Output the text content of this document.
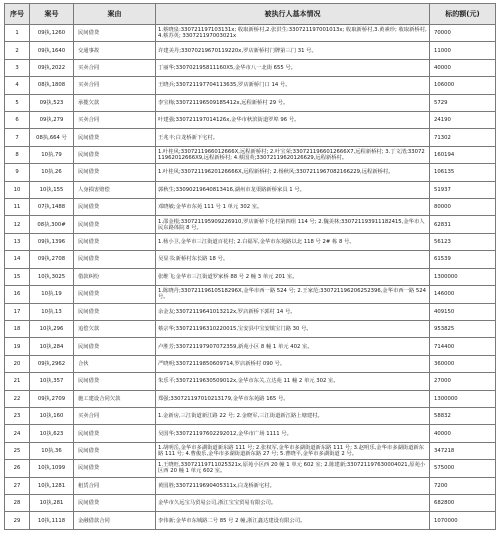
序号	案号	案由	被执行人基本情况	标的额(元)
1	09执,1260	民间借贷	1.蔡晓泉:330721197103131x; 收取新桥村,2.张洪生:330721197001013x; 收取新桥村,3.黄素珍; 收取新桥村,4.蔡苏英; 330721197003021x	70000
2	09执,1640	交通事故	许建美丹;33070219670119220x,罗店新桥村门牌第三门 31 号。	11000
3	09执,2022	买卖合同	丁丽华;330702195811160X5,金华市八一北街 655 号。	40000
4	08执,1808	买卖合同	王晓兵;330721197704113635,罗店新桥门口 14 号。	106000
5	09执,523	承揽欠款	李宝梅;330721196509185412x,远程新桥村 29 号。	5729
6	09执,279	买卖合同	叶建强;330721197014126x,金华市秋滨街道罗埠 96 号。	24190
7	08执,664 号	民间借贷	王兆丰;白龙桥新下宅村。	71302
8	10执,79	民间借贷	1.叶桂风;3307211966012666X,远程新桥村; 2.叶宝荣;3307211966012666X7,远程新桥村; 3.丁文清;3307211962012666X9,远程新桥村; 4.蔡国英;33072119620126629,远程新桥村。	160194
9	10执,26	民间借贷	1.叶桂风;33072119620126666X,远程新桥村; 2.杨秋风;3307211967082166229,远程新桥村。	106135
10	10执,155	人身损害赔偿	郭秋生;33090219640813416,湖州市龙渠路新桥家具 1 号。	51937
11	07执,1488	民间借贷	邓晓敏;金华市东苑 111 号 1 单元 302 室。	80000
12	08执,300#	民间借贷	1.邵金根;330721195909226910,罗店新桥下化村第四组 114 号; 2.魏美林;330721193911182415,金华市人民东路体院 8 号。	62831
13	09执,1396	民间借贷	1.杨小卫,金华市三江街道百花村; 2.白福军,金华市东苑路以北 118 号 2# 栋 8 号。	56123
14	09执,2708	民间借贷	吴显书;新桥村东长路 18 号。	61539
15	10执,3025	借款纠纷	张维飞;金华市三江街道罗家桥 88 号 2 幢 3 单元 201 室。	1300000
16	10执,19	民间借贷	1.陈晓丹;33072119610518296X,金华市西一路 524 号; 2.王家范;330721196206252396,金华市西一路 524 号。	146000
17	10执,13	民间借贷	余金友;33072119641013212x,罗店新桥下郭村 14 号。	409150
18	10执,296	追偿欠款	蔡宗华;330721196310220015,宝安县中宝安镇宝门路 30 号。	953825
19	10执,284	民间借贷	卢胜芳;330721197907072359,新苑小区 8 幢 1 单元 402 室。	714400
20	09执,2962	合伙	严晓明;33072119850609714,罗店新桥村 090 号。	360000
21	10执,357	民间借贷	朱乐平;33072119630509012x,金华市东关,立达苑 11 幢 2 单元 302 室。	27000
22	09执,2709	施工建设合同欠款	郑强;330721197010213179,金华市东苑路 165 号。	1300000
23	10执,160	买卖合同	1.金新房,三江街道新江路 22 号; 2.金晓军,三江街道新江路上塘建村。	58832
24	10执,623	民间借贷	吴国华;330721197602292012,金华市广场 1111 号。	40000
25	10执,36	民间借贷	1.胡明岳,金华市多湖街道新东路 111 号; 2.张权军,金华市多湖街道新东路 111 号; 3.赵明乐,金华市多湖街道新东路 111 号; 4.曹俊乐,金华市多湖街道新东路 27 号; 5.曹晓平,金华市多湖街道 2 号。	347218
26	10执,1099	民间借贷	1.王晓旺,33072119711025321x,原苑小区西 20 幢 1 单元 602 室; 2.陈建新;330721197630004021,原苑小区西 20 幢 1 单元 602 室。	575000
27	10执,1281	租赁合同	黄国胜;33072119690405311x,白龙桥新宅村。	7200
28	10执,281	民间借贷	金华市久远宝马贸易公司,浙江宝宝贸易有限公司。	682800
29	10执,1118	金融借款合同	李伟新;金华市东城路二号 85 号 2 幢,浙江鑫达建设有限公司。	1070000
